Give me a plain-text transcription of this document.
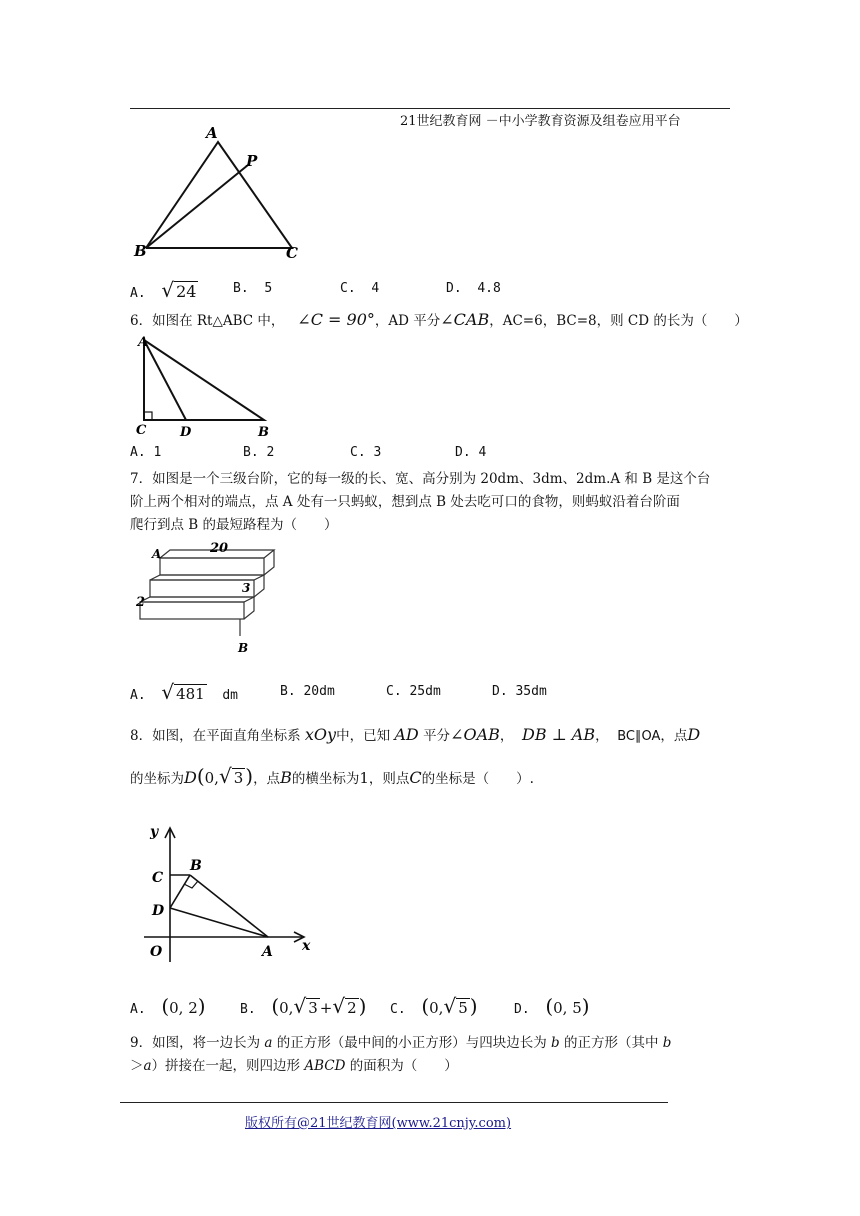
21世纪教育网 －中小学教育资源及组卷应用平台
A
P
B	C
A. √ 24	B. 5	C. 4	D. 4.8
6．如图在 Rt△ABC 中， ∠C = 90°，AD 平分∠CAB，AC=6，BC=8，则 CD 的长为（　　）
A
C	D	B
A. 1	B. 2	C. 3	D. 4
7．如图是一个三级台阶，它的每一级的长、宽、高分别为 20dm、3dm、2dm.A 和 B 是这个台
阶上两个相对的端点，点 A 处有一只蚂蚁，想到点 B 处去吃可口的食物，则蚂蚁沿着台阶面
爬行到点 B 的最短路程为（　　）
A	20
3
2
B
A. √ 481 dm	B. 20dm	C. 25dm	D. 35dm
8．如图，在平面直角坐标系 xOy中，已知 AD 平分∠OAB， DB ⊥ AB， BC∥OA，点D
的坐标为D(0,√ 3 )，点B的横坐标为1，则点C的坐标是（　　）.
y
x
O	A
B
C
D
A. (0, 2)	B. (0,√ 3 +√ 2 ) C. (0,√ 5 )	D. (0, 5)
9．如图，将一边长为 a 的正方形（最中间的小正方形）与四块边长为 b 的正方形（其中 b
＞a）拼接在一起，则四边形 ABCD 的面积为（　　）
版权所有@21世纪教育网(www.21cnjy.com)
